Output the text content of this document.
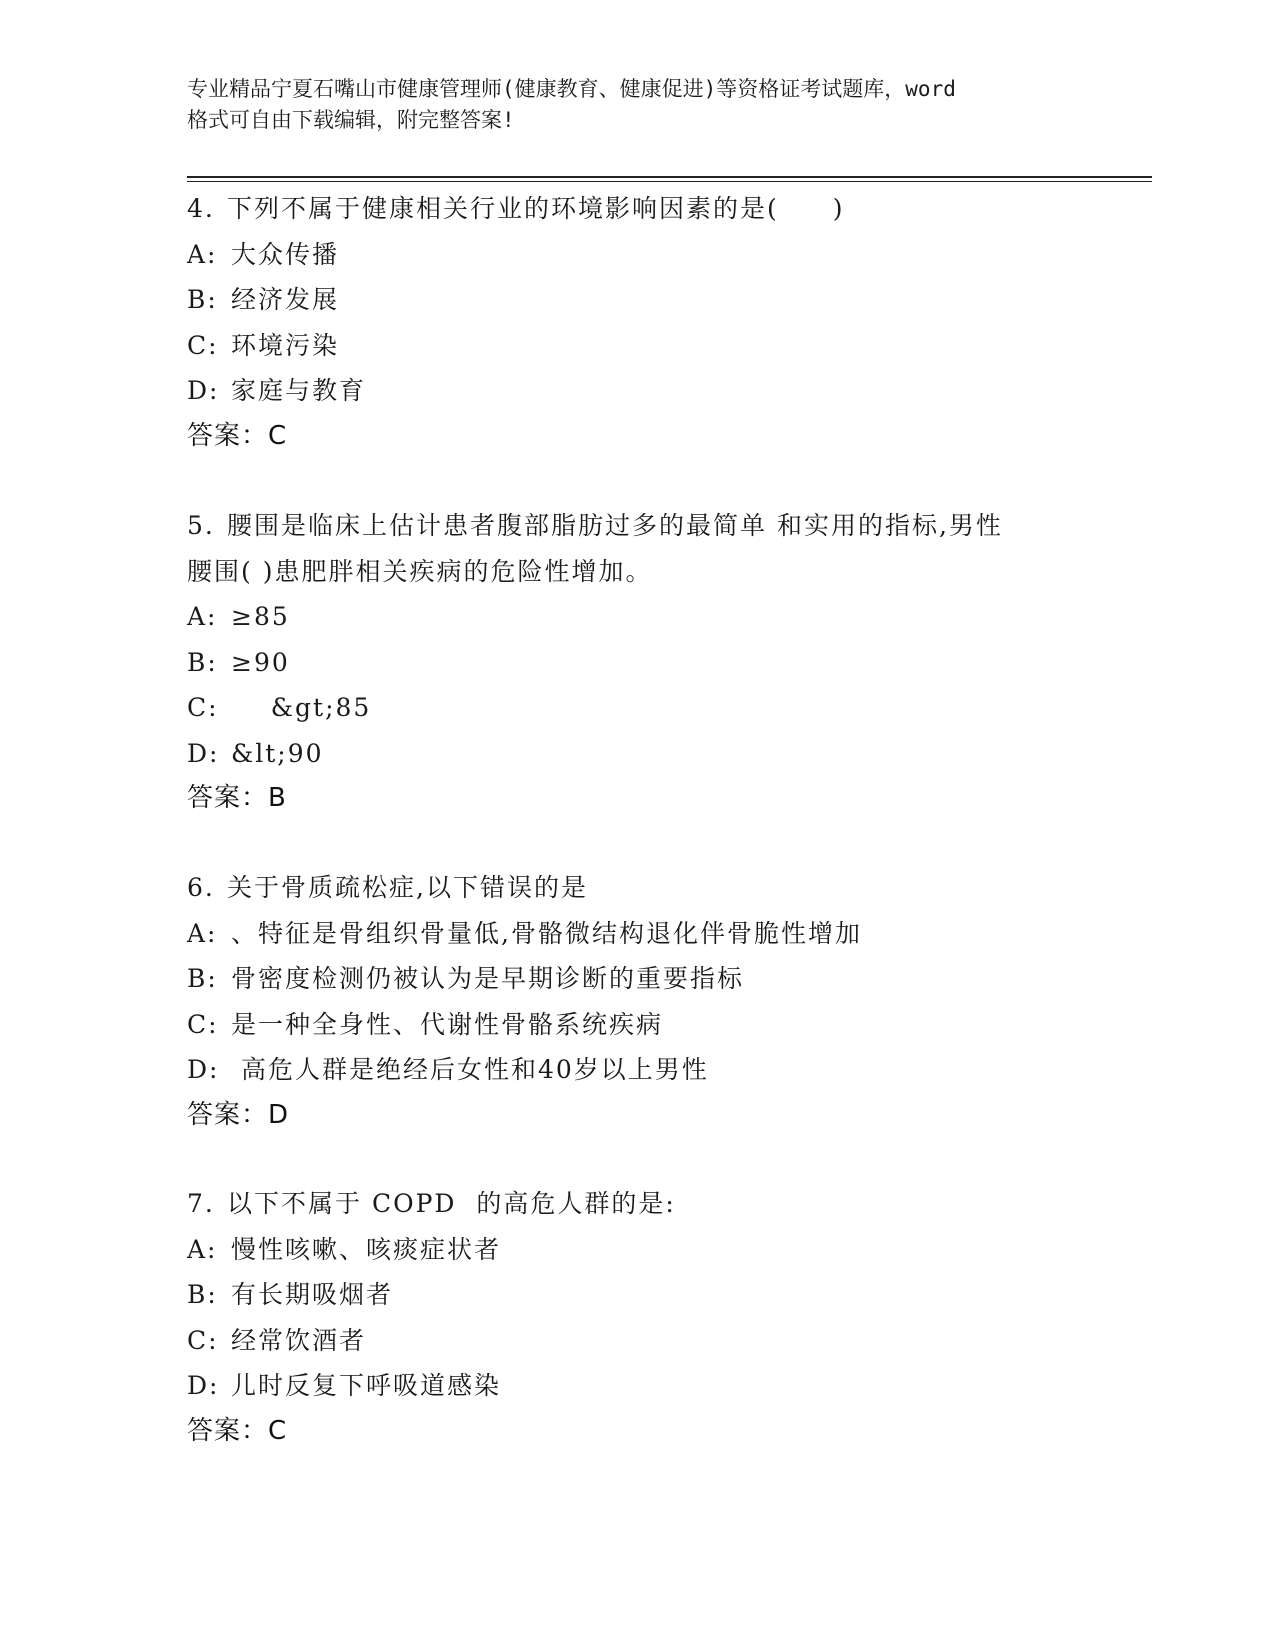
专业精品宁夏石嘴山市健康管理师(健康教育、健康促进)等资格证考试题库，word
格式可自由下载编辑，附完整答案!
4. 下列不属于健康相关行业的环境影响因素的是(　　)
A: 大众传播
B: 经济发展
C: 环境污染
D: 家庭与教育
答案：C
5. 腰围是临床上估计患者腹部脂肪过多的最简单 和实用的指标,男性
腰围( )患肥胖相关疾病的危险性增加。
A: ≥85
B: ≥90
C:    &gt;85
D: &lt;90
答案：B
6. 关于骨质疏松症,以下错误的是
A: 、特征是骨组织骨量低,骨骼微结构退化伴骨脆性增加
B: 骨密度检测仍被认为是早期诊断的重要指标
C: 是一种全身性、代谢性骨骼系统疾病
D: 高危人群是绝经后女性和40岁以上男性
答案：D
7. 以下不属于 COPD  的高危人群的是:
A: 慢性咳嗽、咳痰症状者
B: 有长期吸烟者
C: 经常饮酒者
D: 儿时反复下呼吸道感染
答案：C
